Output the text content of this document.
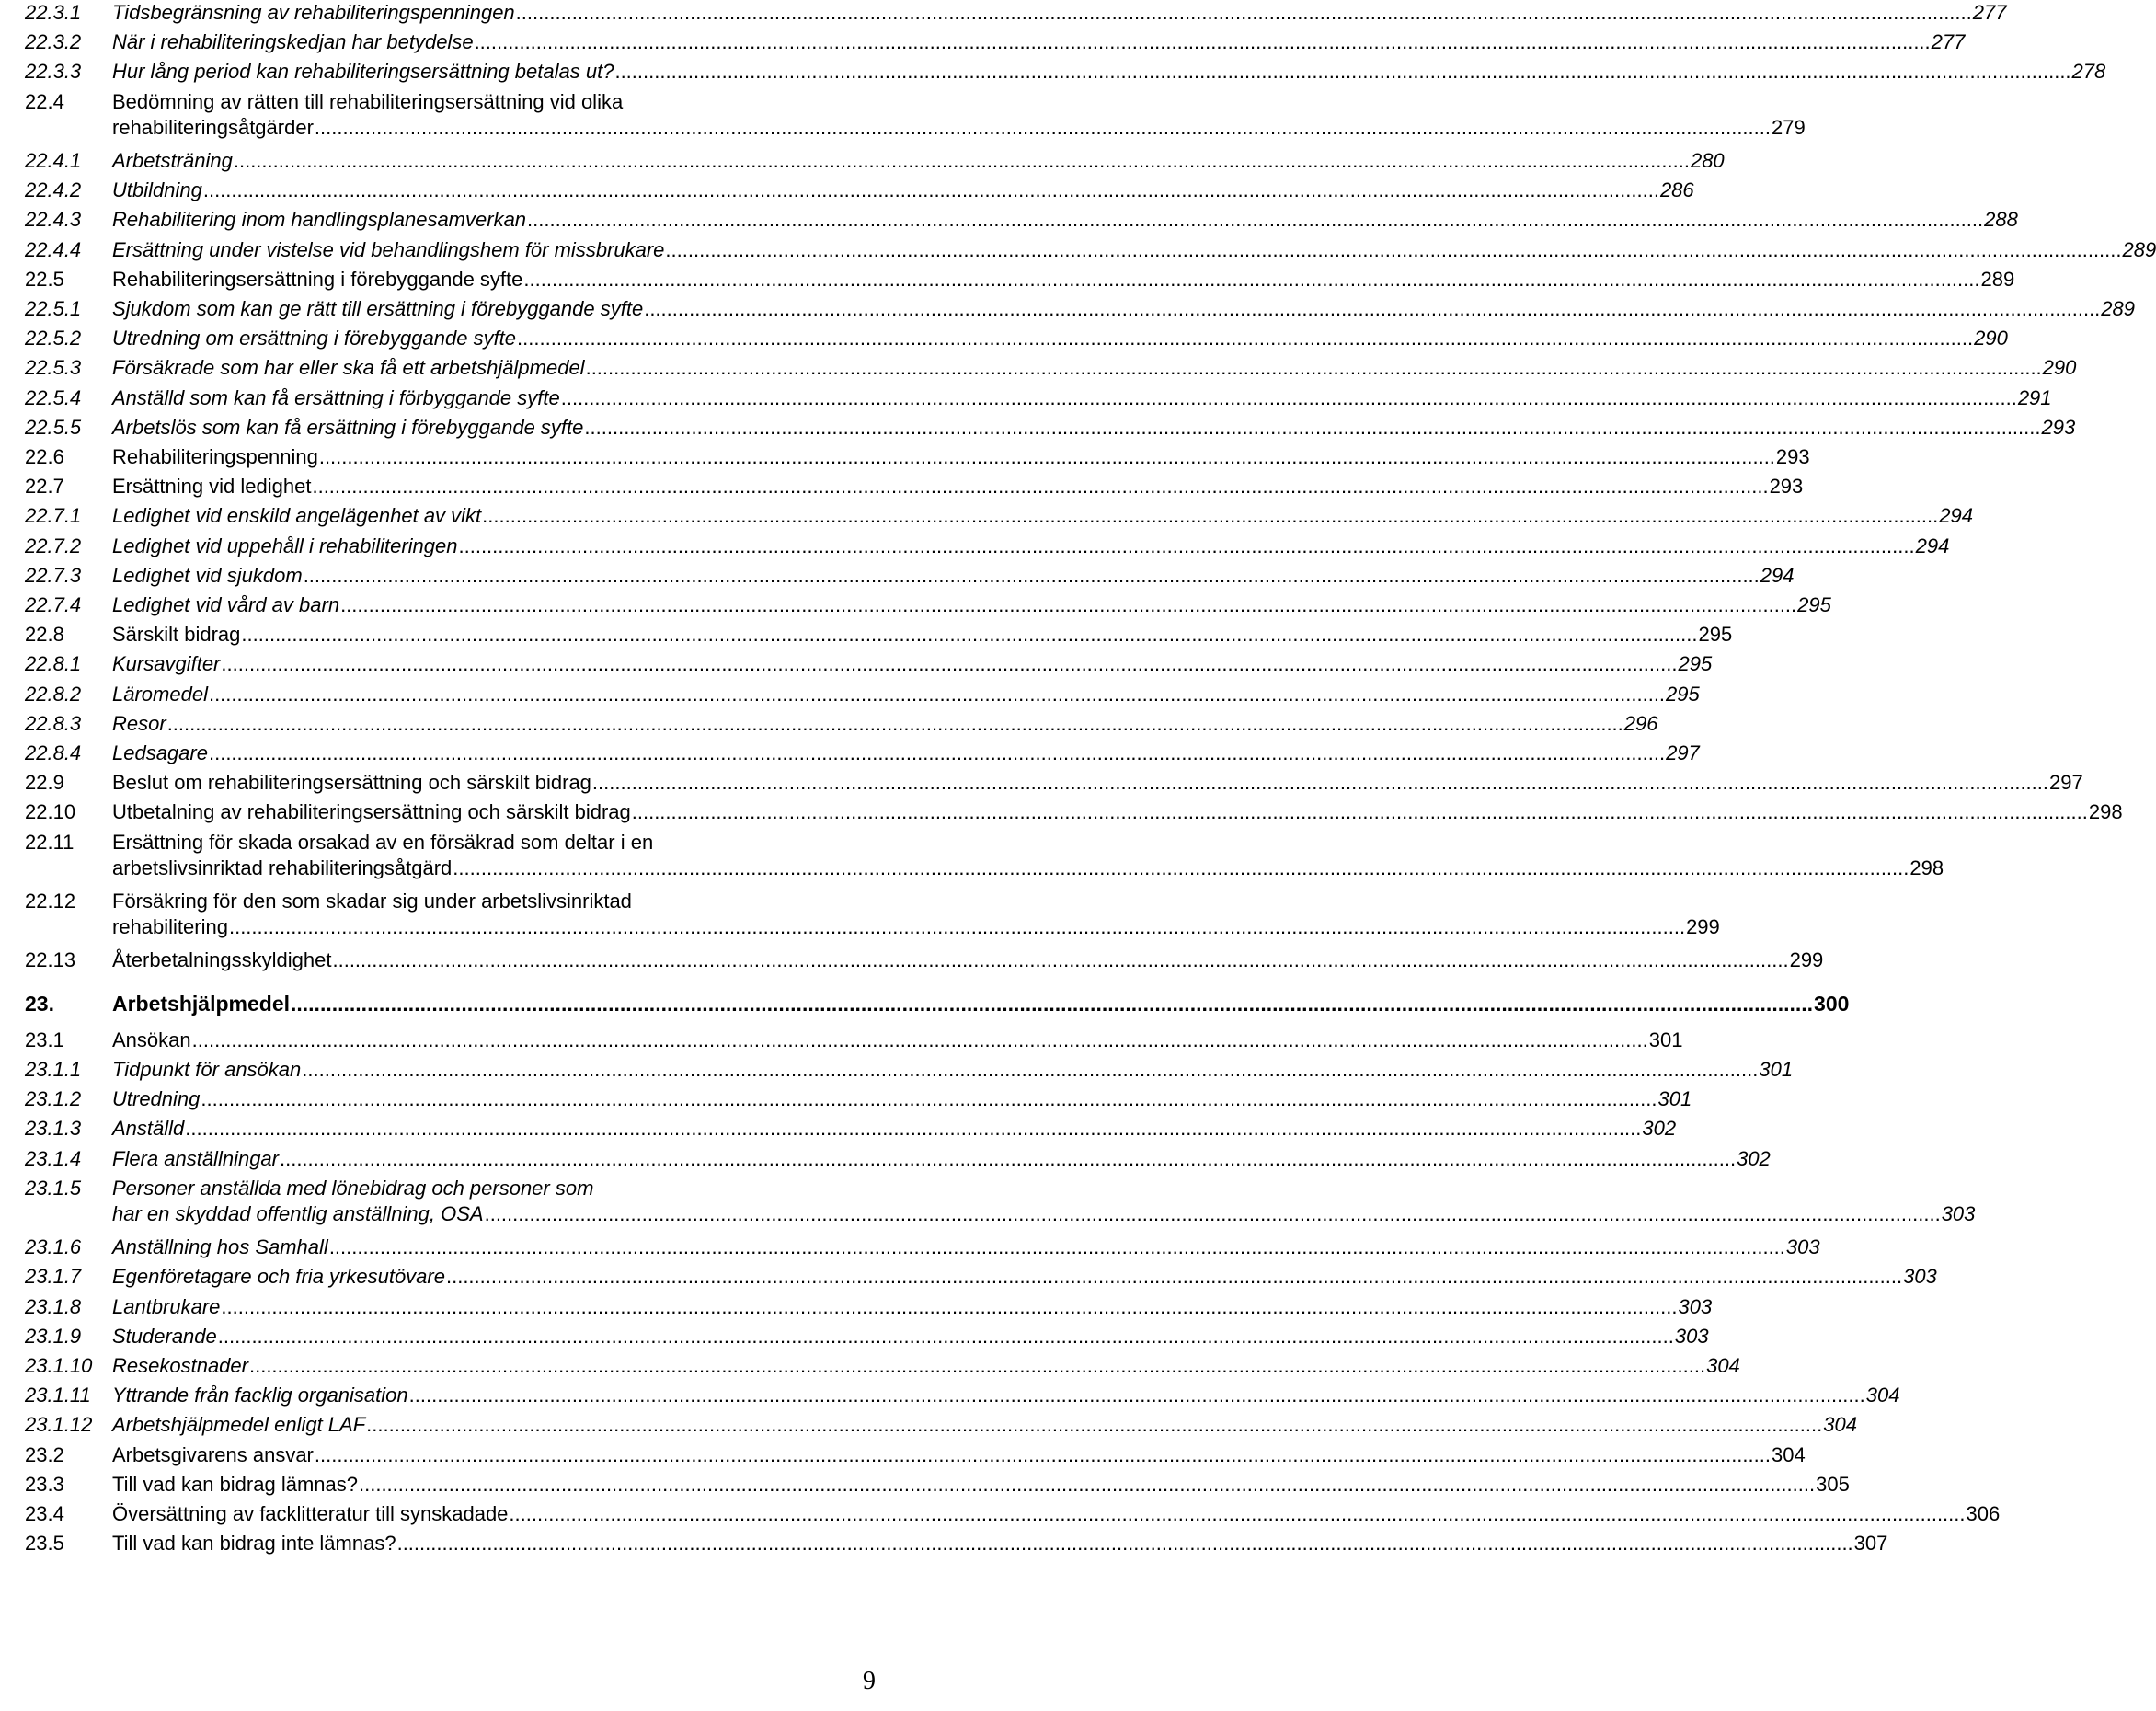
22.3.1 Tidsbegränsning av rehabiliteringspenningen .....	277
22.3.2 När i rehabiliteringskedjan har betydelse .....	277
22.3.3 Hur lång period kan rehabiliteringsersättning betalas ut? .....	278
22.4 Bedömning av rätten till rehabiliteringsersättning vid olika
rehabiliteringsåtgärder .....	279
22.4.1 Arbetsträning .....	280
22.4.2 Utbildning .....	286
22.4.3 Rehabilitering inom handlingsplanesamverkan .....	288
22.4.4 Ersättning under vistelse vid behandlingshem för missbrukare .....	289
22.5 Rehabiliteringsersättning i förebyggande syfte .....	289
22.5.1 Sjukdom som kan ge rätt till ersättning i förebyggande syfte .....	289
22.5.2 Utredning om ersättning i förebyggande syfte .....	290
22.5.3 Försäkrade som har eller ska få ett arbetshjälpmedel .....	290
22.5.4 Anställd som kan få ersättning i förbyggande syfte .....	291
22.5.5 Arbetslös som kan få ersättning i förebyggande syfte .....	293
22.6 Rehabiliteringspenning .....	293
22.7 Ersättning vid ledighet .....	293
22.7.1 Ledighet vid enskild angelägenhet av vikt .....	294
22.7.2 Ledighet vid uppehåll i rehabiliteringen .....	294
22.7.3 Ledighet vid sjukdom .....	294
22.7.4 Ledighet vid vård av barn .....	295
22.8 Särskilt bidrag .....	295
22.8.1 Kursavgifter .....	295
22.8.2 Läromedel .....	295
22.8.3 Resor .....	296
22.8.4 Ledsagare .....	297
22.9 Beslut om rehabiliteringsersättning och särskilt bidrag .....	297
22.10 Utbetalning av rehabiliteringsersättning och särskilt bidrag .....	298
22.11 Ersättning för skada orsakad av en försäkrad som deltar i en
arbetslivsinriktad rehabiliteringsåtgärd .....	298
22.12 Försäkring för den som skadar sig under arbetslivsinriktad
rehabilitering .....	299
22.13 Återbetalningsskyldighet .....	299
23.	Arbetshjälpmedel .....	300
23.1 Ansökan .....	301
23.1.1 Tidpunkt för ansökan .....	301
23.1.2 Utredning .....	301
23.1.3 Anställd .....	302
23.1.4 Flera anställningar .....	302
23.1.5 Personer anställda med lönebidrag och personer som
har en skyddad offentlig anställning, OSA .....	303
23.1.6 Anställning hos Samhall .....	303
23.1.7 Egenföretagare och fria yrkesutövare .....	303
23.1.8 Lantbrukare .....	303
23.1.9 Studerande .....	303
23.1.10 Resekostnader .....	304
23.1.11 Yttrande från facklig organisation .....	304
23.1.12 Arbetshjälpmedel enligt LAF .....	304
23.2 Arbetsgivarens ansvar .....	304
23.3 Till vad kan bidrag lämnas? .....	305
23.4 Översättning av facklitteratur till synskadade .....	306
23.5 Till vad kan bidrag inte lämnas? .....	307
9
